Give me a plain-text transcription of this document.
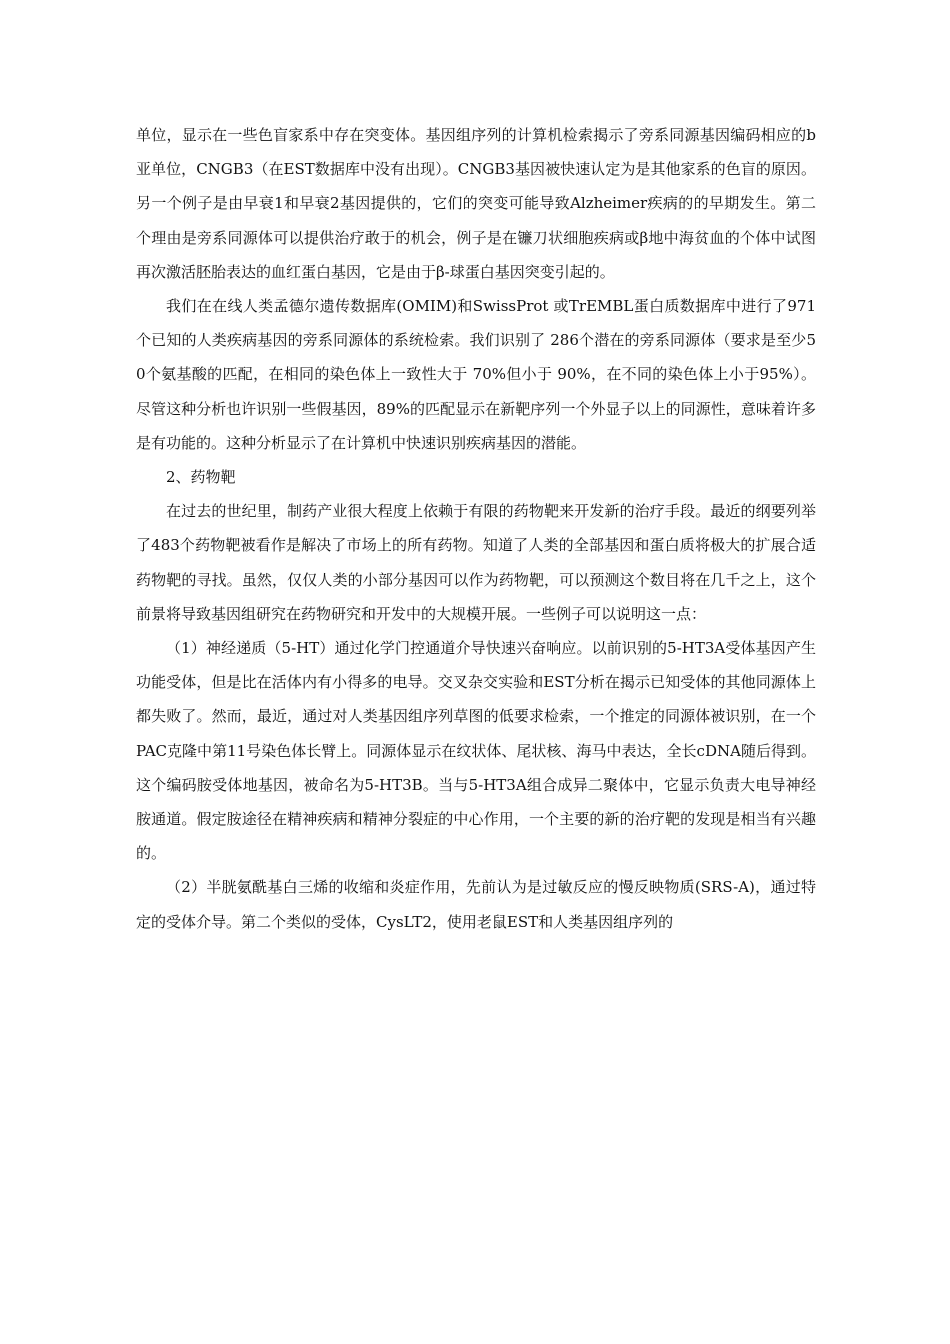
单位，显示在一些色盲家系中存在突变体。基因组序列的计算机检索揭示了旁系同源基因编码相应的b亚单位，CNGB3（在EST数据库中没有出现）。CNGB3基因被快速认定为是其他家系的色盲的原因。另一个例子是由早衰1和早衰2基因提供的，它们的突变可能导致Alzheimer疾病的的早期发生。第二个理由是旁系同源体可以提供治疗敢于的机会，例子是在镰刀状细胞疾病或β地中海贫血的个体中试图再次激活胚胎表达的血红蛋白基因，它是由于β-球蛋白基因突变引起的。

我们在在线人类孟德尔遗传数据库(OMIM)和SwissProt 或TrEMBL蛋白质数据库中进行了971个已知的人类疾病基因的旁系同源体的系统检索。我们识别了 286个潜在的旁系同源体（要求是至少50个氨基酸的匹配，在相同的染色体上一致性大于 70%但小于 90%，在不同的染色体上小于95%）。尽管这种分析也许识别一些假基因，89%的匹配显示在新靶序列一个外显子以上的同源性，意味着许多是有功能的。这种分析显示了在计算机中快速识别疾病基因的潜能。

2、药物靶

在过去的世纪里，制药产业很大程度上依赖于有限的药物靶来开发新的治疗手段。最近的纲要列举了483个药物靶被看作是解决了市场上的所有药物。知道了人类的全部基因和蛋白质将极大的扩展合适药物靶的寻找。虽然，仅仅人类的小部分基因可以作为药物靶，可以预测这个数目将在几千之上，这个前景将导致基因组研究在药物研究和开发中的大规模开展。一些例子可以说明这一点：

（1）神经递质（5-HT）通过化学门控通道介导快速兴奋响应。以前识别的5-HT3A受体基因产生功能受体，但是比在活体内有小得多的电导。交叉杂交实验和EST分析在揭示已知受体的其他同源体上都失败了。然而，最近，通过对人类基因组序列草图的低要求检索，一个推定的同源体被识别，在一个PAC克隆中第11号染色体长臂上。同源体显示在纹状体、尾状核、海马中表达，全长cDNA随后得到。这个编码胺受体地基因，被命名为5-HT3B。当与5-HT3A组合成异二聚体中，它显示负责大电导神经胺通道。假定胺途径在精神疾病和精神分裂症的中心作用，一个主要的新的治疗靶的发现是相当有兴趣的。

（2）半胱氨酰基白三烯的收缩和炎症作用，先前认为是过敏反应的慢反映物质(SRS-A)，通过特定的受体介导。第二个类似的受体，CysLT2，使用老鼠EST和人类基因组序列的
